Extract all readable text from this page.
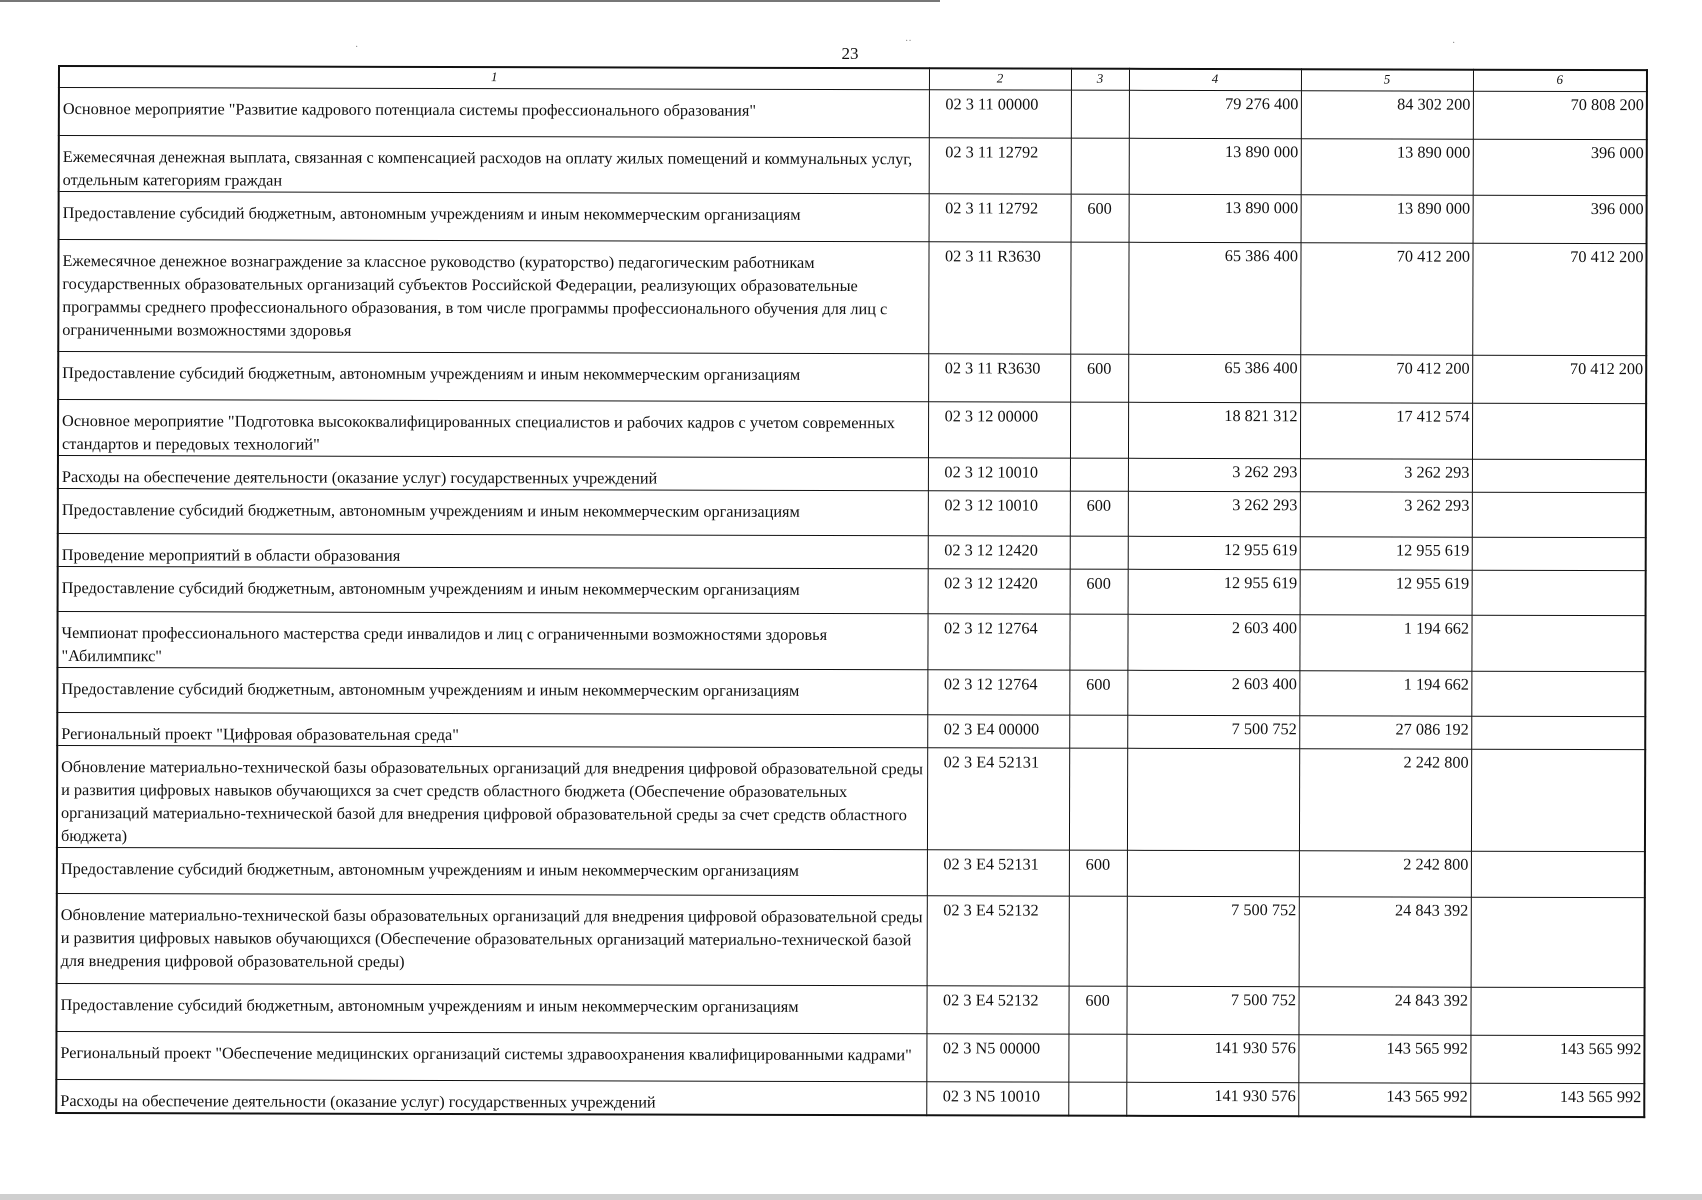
·
··	·
23
1	2	3	4	5	6
Основное мероприятие "Развитие кадрового потенциала системы профессионального образования"	02 3 11 00000		79 276 400	84 302 200	70 808 200
Ежемесячная денежная выплата, связанная с компенсацией расходов на оплату жилых помещений и коммунальных услуг, отдельным категориям граждан	02 3 11 12792		13 890 000	13 890 000	396 000
Предоставление субсидий бюджетным, автономным учреждениям и иным некоммерческим организациям	02 3 11 12792	600	13 890 000	13 890 000	396 000
Ежемесячное денежное вознаграждение за классное руководство (кураторство) педагогическим работникам государственных образовательных организаций субъектов Российской Федерации, реализующих образовательные программы среднего профессионального образования, в том числе программы профессионального обучения для лиц с ограниченными возможностями здоровья	02 3 11 R3630		65 386 400	70 412 200	70 412 200
Предоставление субсидий бюджетным, автономным учреждениям и иным некоммерческим организациям	02 3 11 R3630	600	65 386 400	70 412 200	70 412 200
Основное мероприятие "Подготовка высококвалифицированных специалистов и рабочих кадров с учетом современных стандартов и передовых технологий"	02 3 12 00000		18 821 312	17 412 574	
Расходы на обеспечение деятельности (оказание услуг) государственных учреждений	02 3 12 10010		3 262 293	3 262 293	
Предоставление субсидий бюджетным, автономным учреждениям и иным некоммерческим организациям	02 3 12 10010	600	3 262 293	3 262 293	
Проведение мероприятий в области образования	02 3 12 12420		12 955 619	12 955 619	
Предоставление субсидий бюджетным, автономным учреждениям и иным некоммерческим организациям	02 3 12 12420	600	12 955 619	12 955 619	
Чемпионат профессионального мастерства среди инвалидов и лиц с ограниченными возможностями здоровья "Абилимпикс"	02 3 12 12764		2 603 400	1 194 662	
Предоставление субсидий бюджетным, автономным учреждениям и иным некоммерческим организациям	02 3 12 12764	600	2 603 400	1 194 662	
Региональный проект "Цифровая образовательная среда"	02 3 E4 00000		7 500 752	27 086 192	
Обновление материально-технической базы образовательных организаций для внедрения цифровой образовательной среды и развития цифровых навыков обучающихся за счет средств областного бюджета (Обеспечение образовательных организаций материально-технической базой для внедрения цифровой образовательной среды за счет средств областного бюджета)	02 3 E4 52131			2 242 800	
Предоставление субсидий бюджетным, автономным учреждениям и иным некоммерческим организациям	02 3 E4 52131	600		2 242 800	
Обновление материально-технической базы образовательных организаций для внедрения цифровой образовательной среды и развития цифровых навыков обучающихся (Обеспечение образовательных организаций материально-технической базой для внедрения цифровой образовательной среды)	02 3 E4 52132		7 500 752	24 843 392	
Предоставление субсидий бюджетным, автономным учреждениям и иным некоммерческим организациям	02 3 E4 52132	600	7 500 752	24 843 392	
Региональный проект "Обеспечение медицинских организаций системы здравоохранения квалифицированными кадрами"	02 3 N5 00000		141 930 576	143 565 992	143 565 992
Расходы на обеспечение деятельности (оказание услуг) государственных учреждений	02 3 N5 10010		141 930 576	143 565 992	143 565 992
